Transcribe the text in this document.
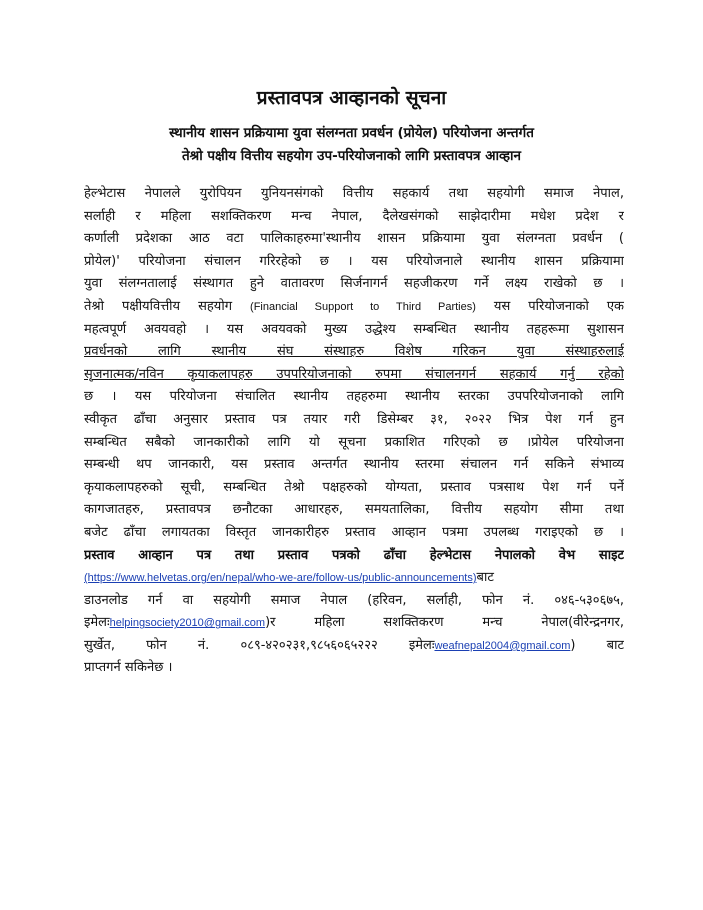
प्रस्तावपत्र आव्हानको सूचना
स्थानीय शासन प्रक्रियामा युवा संलग्नता प्रवर्धन (प्रोयेल) परियोजना अन्तर्गत
तेश्रो पक्षीय वित्तीय सहयोग उप-परियोजनाको लागि प्रस्तावपत्र आव्हान
हेल्भेटास नेपालले युरोपियन युनियनसंगको वित्तीय सहकार्य तथा सहयोगी समाज नेपाल,
सर्लाही र महिला सशक्तिकरण मन्च नेपाल, दैलेखसंगको साझेदारीमा मधेश प्रदेश र
कर्णाली प्रदेशका आठ वटा पालिकाहरुमा'स्थानीय शासन प्रक्रियामा युवा संलग्नता प्रवर्धन (
प्रोयेल)' परियोजना संचालन गरिरहेको छ । यस परियोजनाले स्थानीय शासन प्रक्रियामा
युवा संलग्नतालाई संस्थागत हुने वातावरण सिर्जनागर्न सहजीकरण गर्ने लक्ष्य राखेको छ ।
तेश्रो पक्षीयवित्तीय सहयोग (Financial Support to Third Parties) यस परियोजनाको एक
महत्वपूर्ण अवयवहो । यस अवयवको मुख्य उद्धेश्य सम्बन्धित स्थानीय तहहरूमा सुशासन
प्रवर्धनको लागि स्थानीय संघ संस्थाहरु विशेष गरिकन युवा संस्थाहरुलाई
सृजनात्मक/नविन कृयाकलापहरु उपपरियोजनाको रुपमा संचालनगर्न सहकार्य गर्नु रहेको
छ । यस परियोजना संचालित स्थानीय तहहरुमा स्थानीय स्तरका उपपरियोजनाको लागि
स्वीकृत ढाँचा अनुसार प्रस्ताव पत्र तयार गरी डिसेम्बर ३१, २०२२ भित्र पेश गर्न हुन
सम्बन्धित सबैको जानकारीको लागि यो सूचना प्रकाशित गरिएको छ ।प्रोयेल परियोजना
सम्बन्धी थप जानकारी, यस प्रस्ताव अन्तर्गत स्थानीय स्तरमा संचालन गर्न सकिने संभाव्य
कृयाकलापहरुको सूची, सम्बन्धित तेश्रो पक्षहरुको योग्यता, प्रस्ताव पत्रसाथ पेश गर्न पर्ने
कागजातहरु, प्रस्तावपत्र छनौटका आधारहरु, समयतालिका, वित्तीय सहयोग सीमा तथा
बजेट ढाँचा लगायतका विस्तृत जानकारीहरु प्रस्ताव आव्हान पत्रमा उपलब्ध गराइएको छ ।
प्रस्ताव आव्हान पत्र तथा प्रस्ताव पत्रको ढाँचा हेल्भेटास नेपालको वेभ साइट
(https://www.helvetas.org/en/nepal/who-we-are/follow-us/public-announcements)बाट
डाउनलोड गर्न वा सहयोगी समाज नेपाल (हरिवन, सर्लाही, फोन नं. ०४६-५३०६७५,
इमेलःhelpingsociety2010@gmail.com)र महिला सशक्तिकरण मन्च नेपाल(वीरेन्द्रनगर,
सुर्खेत, फोन नं. ०८९-४२०२३१,९८५६०६५२२२ इमेलःweafnepal2004@gmail.com) बाट
प्राप्तगर्न सकिनेछ ।
